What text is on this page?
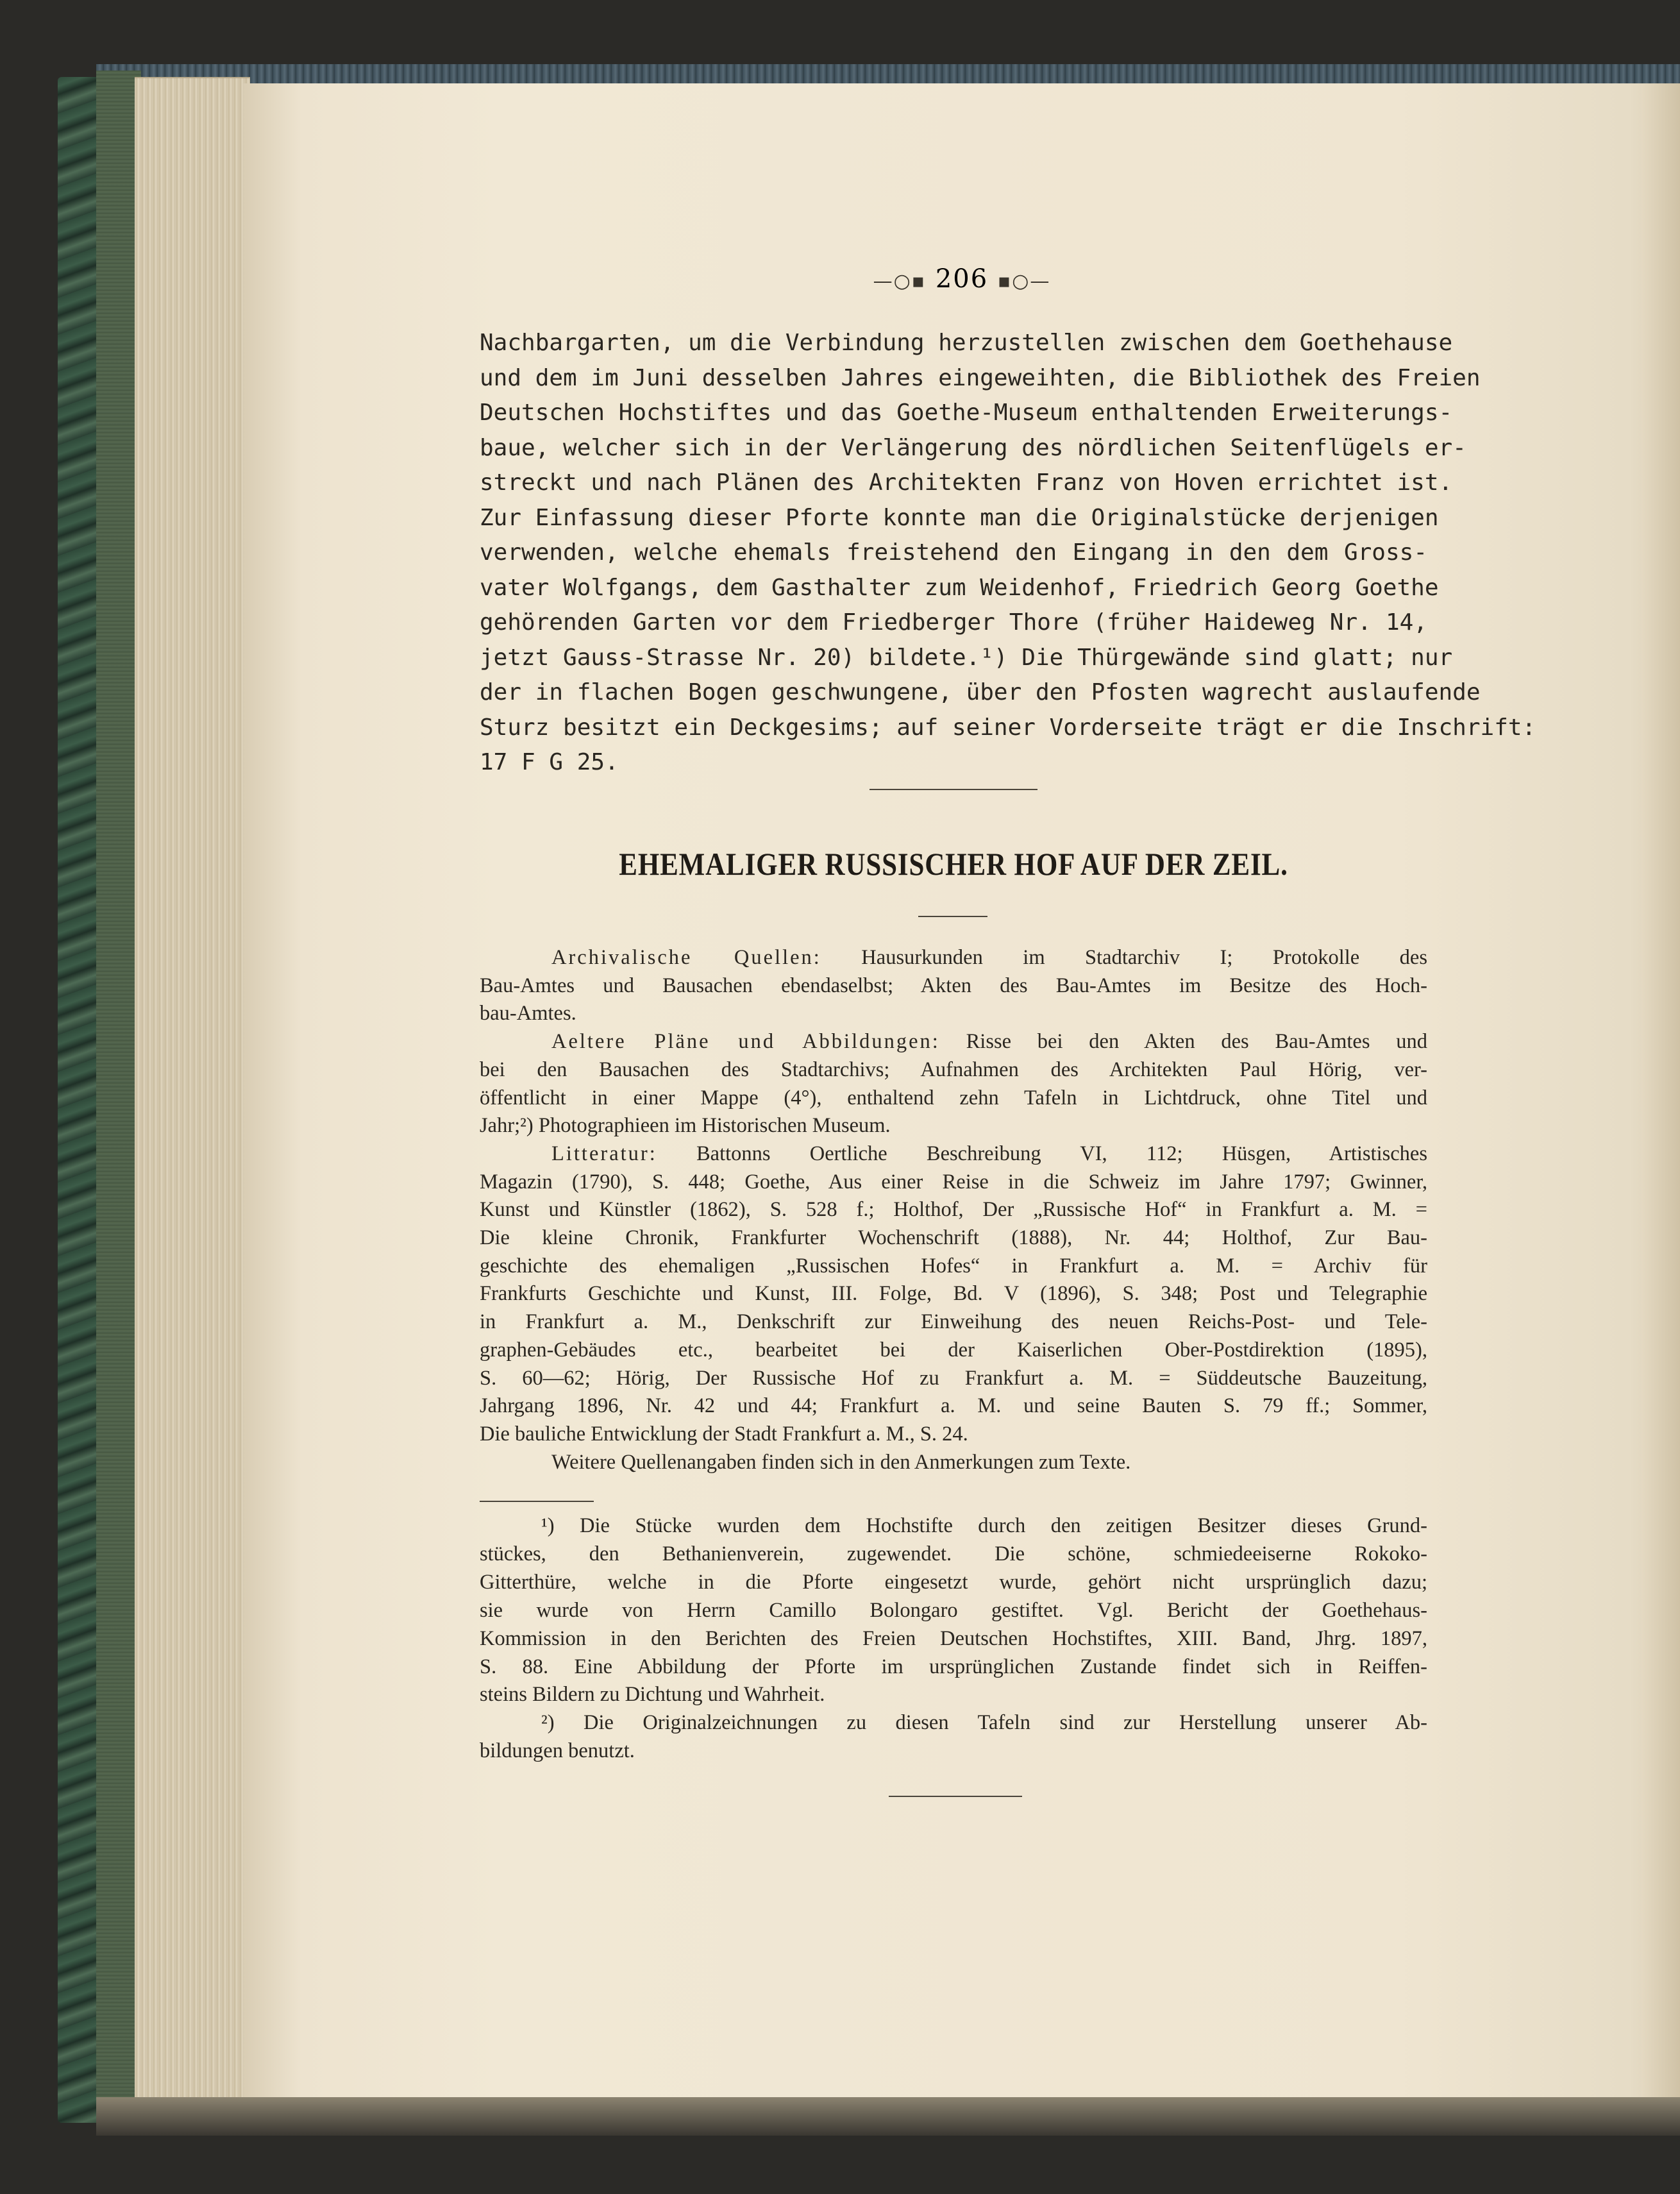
—○▪ 206 ▪○—
Nachbargarten, um die Verbindung herzustellen zwischen dem Goethehause
und dem im Juni desselben Jahres eingeweihten, die Bibliothek des Freien
Deutschen Hochstiftes und das Goethe-Museum enthaltenden Erweiterungs-
baue, welcher sich in der Verlängerung des nördlichen Seitenflügels er-
streckt und nach Plänen des Architekten Franz von Hoven errichtet ist.
Zur Einfassung dieser Pforte konnte man die Originalstücke derjenigen
verwenden, welche ehemals freistehend den Eingang in den dem Gross-
vater Wolfgangs, dem Gasthalter zum Weidenhof, Friedrich Georg Goethe
gehörenden Garten vor dem Friedberger Thore (früher Haideweg Nr. 14,
jetzt Gauss-Strasse Nr. 20) bildete.¹) Die Thürgewände sind glatt; nur
der in flachen Bogen geschwungene, über den Pfosten wagrecht auslaufende
Sturz besitzt ein Deckgesims; auf seiner Vorderseite trägt er die Inschrift:
17 F G 25.
EHEMALIGER RUSSISCHER HOF AUF DER ZEIL.
Archivalische Quellen: Hausurkunden im Stadtarchiv I; Protokolle des
Bau-Amtes und Bausachen ebendaselbst; Akten des Bau-Amtes im Besitze des Hoch-
bau-Amtes.
Aeltere Pläne und Abbildungen: Risse bei den Akten des Bau-Amtes und
bei den Bausachen des Stadtarchivs; Aufnahmen des Architekten Paul Hörig, ver-
öffentlicht in einer Mappe (4°), enthaltend zehn Tafeln in Lichtdruck, ohne Titel und
Jahr;²) Photographieen im Historischen Museum.
Litteratur: Battonns Oertliche Beschreibung VI, 112; Hüsgen, Artistisches
Magazin (1790), S. 448; Goethe, Aus einer Reise in die Schweiz im Jahre 1797; Gwinner,
Kunst und Künstler (1862), S. 528 f.; Holthof, Der „Russische Hof“ in Frankfurt a. M. =
Die kleine Chronik, Frankfurter Wochenschrift (1888), Nr. 44; Holthof, Zur Bau-
geschichte des ehemaligen „Russischen Hofes“ in Frankfurt a. M. = Archiv für
Frankfurts Geschichte und Kunst, III. Folge, Bd. V (1896), S. 348; Post und Telegraphie
in Frankfurt a. M., Denkschrift zur Einweihung des neuen Reichs-Post- und Tele-
graphen-Gebäudes etc., bearbeitet bei der Kaiserlichen Ober-Postdirektion (1895),
S. 60—62; Hörig, Der Russische Hof zu Frankfurt a. M. = Süddeutsche Bauzeitung,
Jahrgang 1896, Nr. 42 und 44; Frankfurt a. M. und seine Bauten S. 79 ff.; Sommer,
Die bauliche Entwicklung der Stadt Frankfurt a. M., S. 24.
Weitere Quellenangaben finden sich in den Anmerkungen zum Texte.
¹) Die Stücke wurden dem Hochstifte durch den zeitigen Besitzer dieses Grund-
stückes, den Bethanienverein, zugewendet. Die schöne, schmiedeeiserne Rokoko-
Gitterthüre, welche in die Pforte eingesetzt wurde, gehört nicht ursprünglich dazu;
sie wurde von Herrn Camillo Bolongaro gestiftet. Vgl. Bericht der Goethehaus-
Kommission in den Berichten des Freien Deutschen Hochstiftes, XIII. Band, Jhrg. 1897,
S. 88. Eine Abbildung der Pforte im ursprünglichen Zustande findet sich in Reiffen-
steins Bildern zu Dichtung und Wahrheit.
²) Die Originalzeichnungen zu diesen Tafeln sind zur Herstellung unserer Ab-
bildungen benutzt.
